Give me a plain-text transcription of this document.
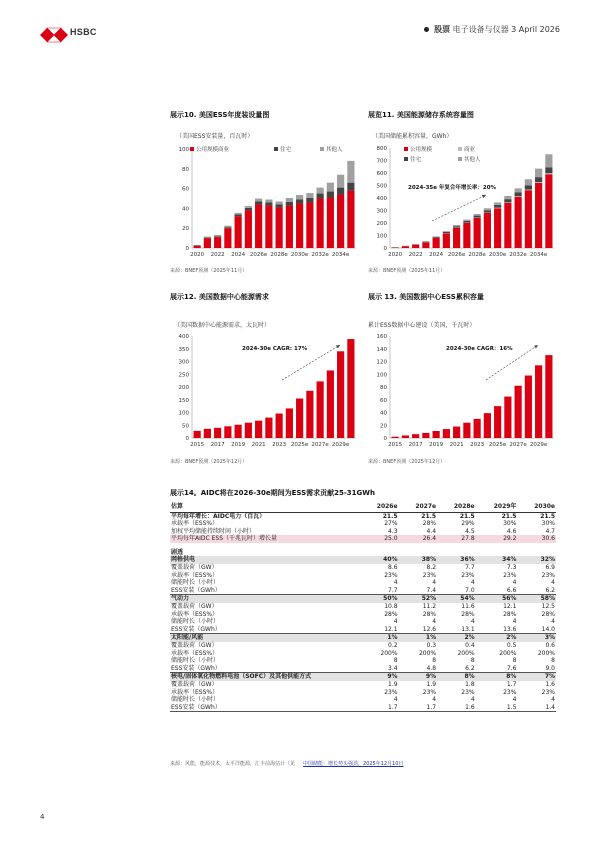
HSBC	股票 电子设备与仪器 3 April 2026
展示10. 美国ESS年度装设量图
（美国ESS安装量，百瓦时）
0
20
40
60
80
100
2020 2022 2024 2026e 2028e 2030e 2032e 2034e
公用规模商业	住宅	其他人
来源：BNEF预测（2025年11月）
展览11. 美国能源储存系统容量图
（美国储能累积容量，GWh）
0
100
200
300
400
500
600
700
800
2020 2022 2024 2026e 2028e 2030e 2032e 2034e
公用规模	商业
住宅	其他人
2024-35e 年复合年增长率：20%
来源：BNEF预测（2025年11月）
展示12. 美国数据中心能源需求
（美国数据中心能源需求，太瓦时）
0
50
100
150
200
250
300
350
400
2015 2017 2019 2021 2023 2025e 2027e 2029e
2024-30e CAGR: 17%
来源：BNEF预测（2025年12月）
展示 13. 美国数据中心ESS累积容量
累计ESS数据中心建设（美国，千瓦时）
0
20
40
60
80
100
120
140
160
2015 2017 2019 2021 2023 2025e 2027e 2029e
2024-30e CAGR：16%
来源：BNEF预测（2025年12月）
展示14。AIDC将在2026-30e期间为ESS需求贡献25-31GWh
估算	2026e	2027e	2028e	2029年	2030e
平均每年增长：AIDC电力（百瓦）	21.5	21.5	21.5	21.5	21.5
承载率（ESS%）	27%	28%	29%	30%	30%
加权平均储能持续时间（小时）	4.3	4.4	4.5	4.6	4.7
平均每年AIDC ESS（千兆瓦时）增长量	25.0	26.4	27.8	29.2	30.6

剧透					
网格供电	40%	38%	36%	34%	32%
覆盖载荷（GW）	8.6	8.2	7.7	7.3	6.9
承载率（ESS%）	23%	23%	23%	23%	23%
储能时长（小时）	4	4	4	4	4
ESS安装（GWh）	7.7	7.4	7.0	6.6	6.2
气动力	50%	52%	54%	56%	58%
覆盖载荷（GW）	10.8	11.2	11.6	12.1	12.5
承载率（ESS%）	28%	28%	28%	28%	28%
储能时长（小时）	4	4	4	4	4
ESS安装（GWh）	12.1	12.6	13.1	13.6	14.0
太阳能/风能	1%	1%	2%	2%	3%
覆盖载荷（GW）	0.2	0.3	0.4	0.5	0.6
承载率（ESS%）	200%	200%	200%	200%	200%
储能时长（小时）	8	8	8	8	8
ESS安装（GWh）	3.4	4.8	6.2	7.6	9.0
核电/固体氧化物燃料电池（SOFC）及其他供能方式	9%	9%	8%	8%	7%
覆盖载荷（GW）	1.9	1.9	1.8	1.7	1.6
承载率（ESS%）	23%	23%	23%	23%	23%
储能时长（小时）	4	4	4	4	4
ESS安装（GWh）	1.7	1.7	1.6	1.5	1.4
来源：风能，能源技术，太平洋能源，汇丰前海估计（见 中国储能：增长势头强劲，2025年12月10日
4
